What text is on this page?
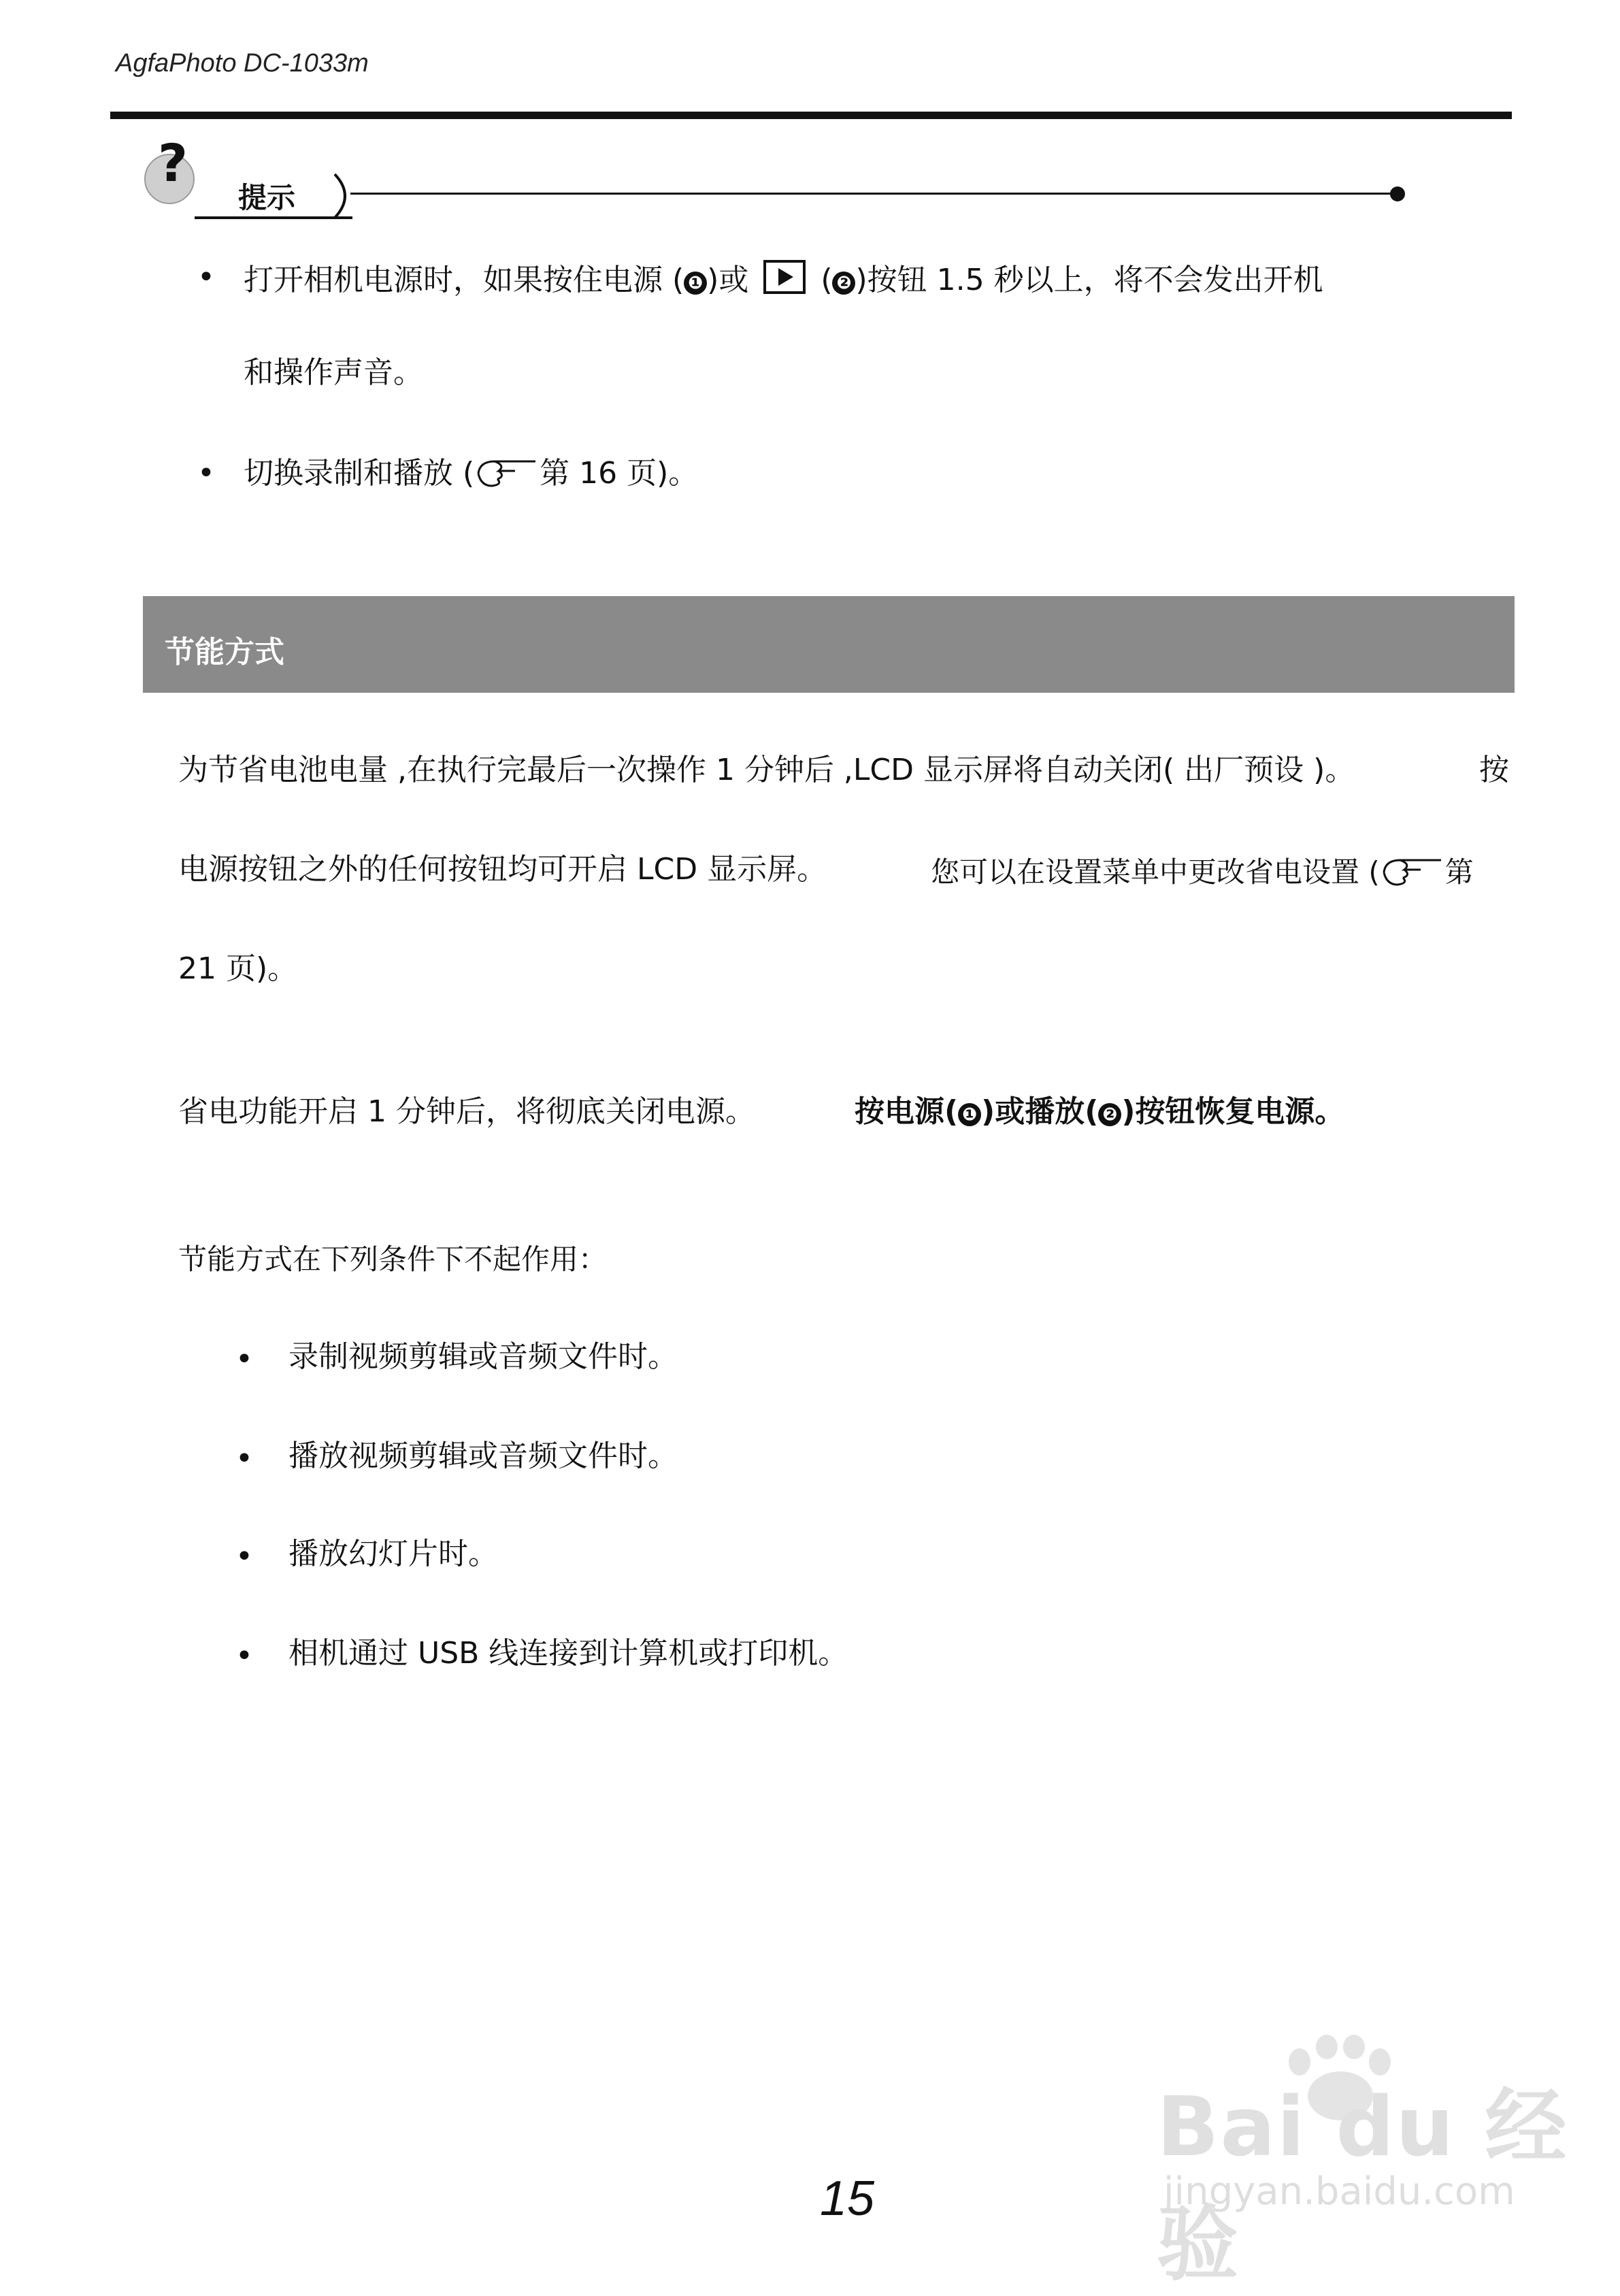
AgfaPhoto DC-1033m
?
提示
• 打开相机电源时，如果按住电源 ( ❶ )或  ( ❷ )按钮 1.5 秒以上，将不会发出开机
和操作声音。
• 切换录制和播放 ( 第 16 页)。
节能方式
为节省电池电量 ,在执行完最后一次操作 1 分钟后 ,LCD 显示屏将自动关闭( 出厂预设 )。	按
电源按钮之外的任何按钮均可开启 LCD 显示屏。	您可以在设置菜单中更改省电设置 ( 第
21 页)。
省电功能开启 1 分钟后，将彻底关闭电源。	按电源( ❶ )或播放( ❷ )按钮恢复电源。
节能方式在下列条件下不起作用：
• 录制视频剪辑或音频文件时。
• 播放视频剪辑或音频文件时。
• 播放幻灯片时。
• 相机通过 USB 线连接到计算机或打印机。
15
Bai du 经验
jingyan.baidu.com
